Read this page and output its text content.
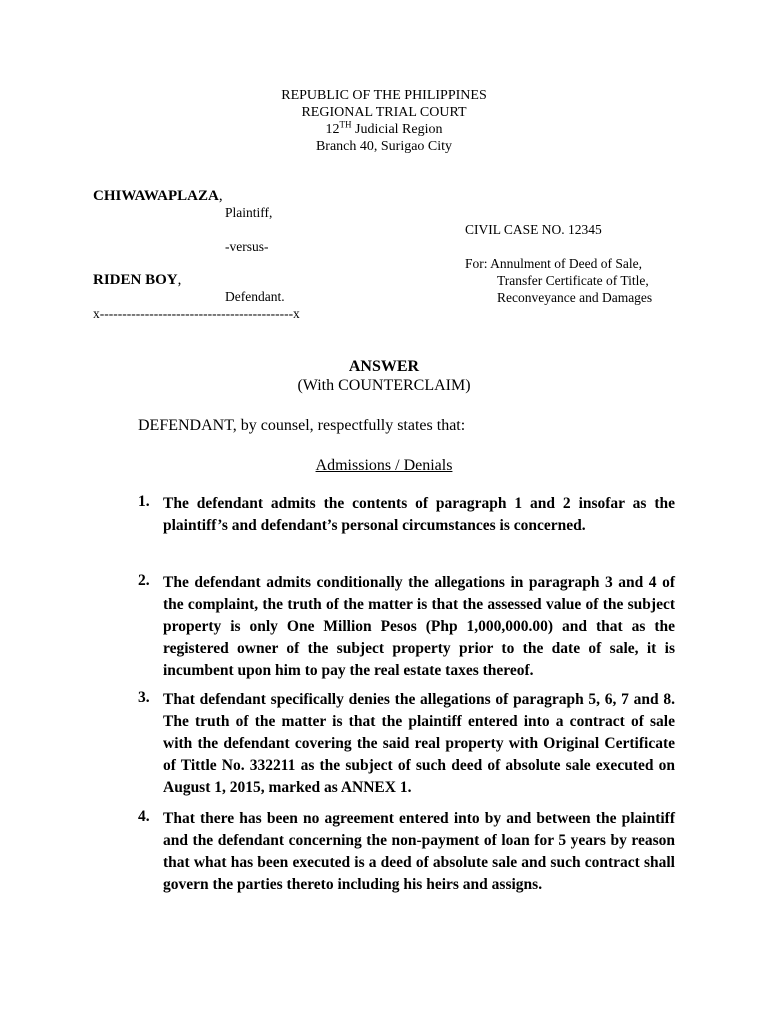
REPUBLIC OF THE PHILIPPINES
REGIONAL TRIAL COURT
12TH Judicial Region
Branch 40, Surigao City
CHIWAWAPLAZA,
Plaintiff,
-versus-
RIDEN BOY,
Defendant.
x-------------------------------------------x
CIVIL CASE NO. 12345
For: Annulment of Deed of Sale,
Transfer Certificate of Title,
Reconveyance and Damages
ANSWER
(With COUNTERCLAIM)
DEFENDANT, by counsel, respectfully states that:
Admissions / Denials
1. The defendant admits the contents of paragraph 1 and 2 insofar as the plaintiff’s and defendant’s personal circumstances is concerned.
2. The defendant admits conditionally the allegations in paragraph 3 and 4 of the complaint, the truth of the matter is that the assessed value of the subject property is only One Million Pesos (Php 1,000,000.00) and that as the registered owner of the subject property prior to the date of sale, it is incumbent upon him to pay the real estate taxes thereof.
3. That defendant specifically denies the allegations of paragraph 5, 6, 7 and 8. The truth of the matter is that the plaintiff entered into a contract of sale with the defendant covering the said real property with Original Certificate of Tittle No. 332211 as the subject of such deed of absolute sale executed on August 1, 2015, marked as ANNEX 1.
4. That there has been no agreement entered into by and between the plaintiff and the defendant concerning the non-payment of loan for 5 years by reason that what has been executed is a deed of absolute sale and such contract shall govern the parties thereto including his heirs and assigns.
